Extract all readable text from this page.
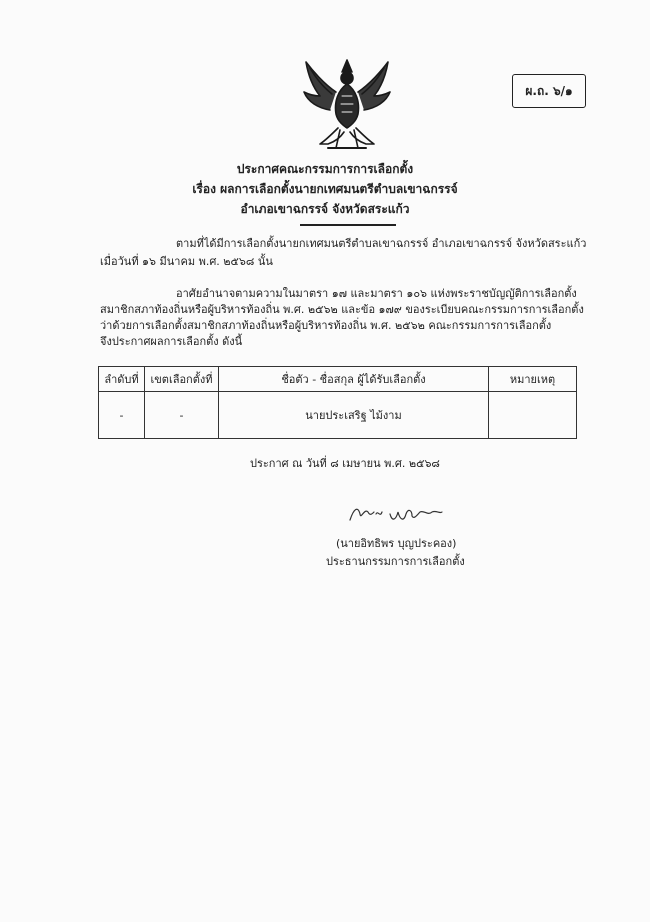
ผ.ถ. ๖/๑
ประกาศคณะกรรมการการเลือกตั้ง
เรื่อง ผลการเลือกตั้งนายกเทศมนตรีตำบลเขาฉกรรจ์
อำเภอเขาฉกรรจ์ จังหวัดสระแก้ว
ตามที่ได้มีการเลือกตั้งนายกเทศมนตรีตำบลเขาฉกรรจ์ อำเภอเขาฉกรรจ์ จังหวัดสระแก้ว
เมื่อวันที่ ๑๖ มีนาคม พ.ศ. ๒๕๖๘ นั้น
อาศัยอำนาจตามความในมาตรา ๑๗ และมาตรา ๑๐๖ แห่งพระราชบัญญัติการเลือกตั้ง
สมาชิกสภาท้องถิ่นหรือผู้บริหารท้องถิ่น พ.ศ. ๒๕๖๒ และข้อ ๑๗๙ ของระเบียบคณะกรรมการการเลือกตั้ง
ว่าด้วยการเลือกตั้งสมาชิกสภาท้องถิ่นหรือผู้บริหารท้องถิ่น พ.ศ. ๒๕๖๒ คณะกรรมการการเลือกตั้ง
จึงประกาศผลการเลือกตั้ง ดังนี้
ลำดับที่	เขตเลือกตั้งที่	ชื่อตัว - ชื่อสกุล ผู้ได้รับเลือกตั้ง	หมายเหตุ
-	-	นายประเสริฐ ไม้งาม	
ประกาศ ณ วันที่ ๘ เมษายน พ.ศ. ๒๕๖๘
(นายอิทธิพร บุญประคอง)
ประธานกรรมการการเลือกตั้ง
